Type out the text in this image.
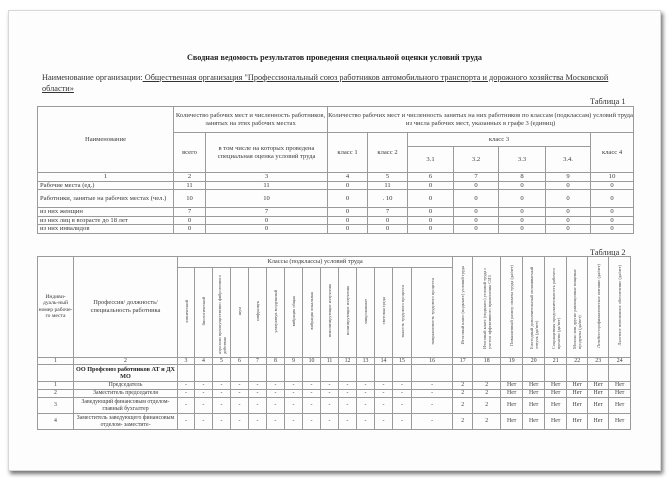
Сводная ведомость результатов проведения специальной оценки условий труда
Наименование организации: Общественная организация "Профессиональный союз работников автомобильного транспорта и дорожного хозяйства Московской области»
Таблица 1
Наименование	Количество рабочих мест и численность работников, занятых на этих рабочих местах		Количество рабочих мест и численность занятых на них работников по классам (подклассам) условий труда из числа рабочих мест, указанных в графе 3 (единиц)						
	всего	в том числе на которых проведена специальная оценка условий труда	класс 1	класс 2	класс 3				класс 4
					3.1	3.2	3.3	3.4.	
1	2	3	4	5	6	7	8	9	10
Рабочие места (ед.)	11	11	0	11	0	0	0	0	0
Работники, занятые на рабочих местах (чел.)	10	10	0	. 10	0	0	0	0	0
из них женщин	7	7	0	7	0	0	0	0	0
из них лиц в возрасте до 18 лет	0	0	0	0	0	0	0	0	0
из них инвалидов	0	0	0	0	0	0	0	0	0
Таблица 2
Индиви-дуаль-ный номер рабоче-го места	Профессия/ должность/ специальность работника	Классы (подклассы) условий труда														Итоговый класс (подкласс) условий труда	Итоговый класс (подкласс) условий труда с учетом эффективного применения СИЗ	Повышенный размер оплаты труда (да/нет)	Ежегодный дополнительный оплачиваемый отпуск (да/нет)	Сокращенная продолжительность рабочего времени (да/нет)	Молоко или другие равноценные пищевые продукты (да/нет)	Лечебно-профилактическое питание (да/нет)	Льготное пенсионное обеспечение (да/нет)
		химический	биологический	аэрозоли преимущественно фиброгенного действия	шум	инфразвук	ультразвук воздушный	вибрация общая	вибрация локальная	неионизирующие излучения	ионизирующие излучения	микроклимат	световая среда	тяжесть трудового процесса	напряженность трудового процесса								
1	2	3	4	5	6	7	8	9	10	11	12	13	14	15	16	17	18	19	20	21	22	23	24
	ОО Профсоюз работников АТ и ДХ МО																						
1	Председатель	-	-	-	-	-	-	-	-	-	-	-	-	-	-	2	2	Нет	Нет	Нет	Нет	Нет	Нет
2	Заместитель председателя	-	-	-	-	-	-	-	-	-	-	-	-	-	-	2	2	Нет	Нет	Нет	Нет	Нет	Нет
3	Заведующий финансовым отделом-главный бухгалтер	-	-	-	-	-	-	-	-	-	-	-	-	-	-	2	2	Нет	Нет	Нет	Нет	Нет	Нет
4	Заместитель заведующего финансовым отделом- заместите-	-	-	-	-	-	-	-	-	-	-	-	-	-	-	2	2	Нет	Нет	Нет	Нет	Нет	Нет
